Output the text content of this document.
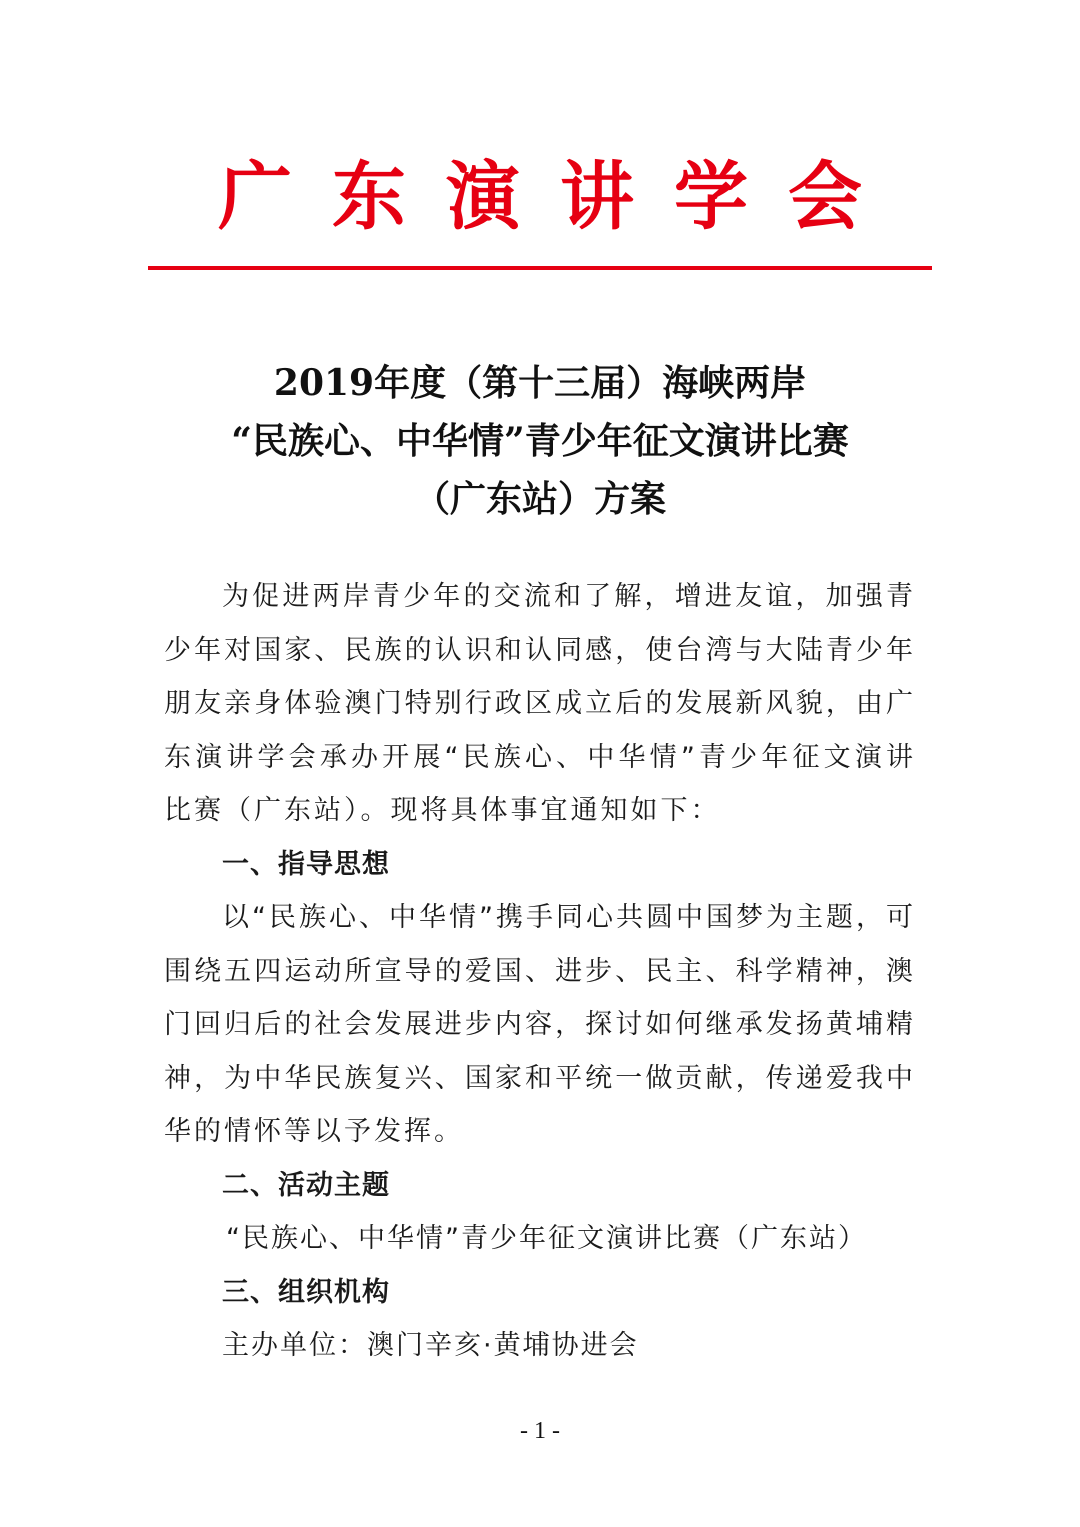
广东演讲学会
2019年度（第十三届）海峡两岸
“民族心、中华情”青少年征文演讲比赛
（广东站）方案

为促进两岸青少年的交流和了解，增进友谊，加强青少年对国家、民族的认识和认同感，使台湾与大陆青少年朋友亲身体验澳门特别行政区成立后的发展新风貌，由广东演讲学会承办开展“民族心、中华情”青少年征文演讲比赛（广东站）。现将具体事宜通知如下：

一、指导思想

以“民族心、中华情”携手同心共圆中国梦为主题，可围绕五四运动所宣导的爱国、进步、民主、科学精神，澳门回归后的社会发展进步内容，探讨如何继承发扬黄埔精神，为中华民族复兴、国家和平统一做贡献，传递爱我中华的情怀等以予发挥。

二、活动主题

“民族心、中华情”青少年征文演讲比赛（广东站）

三、组织机构

主办单位：澳门辛亥·黄埔协进会

- 1 -
